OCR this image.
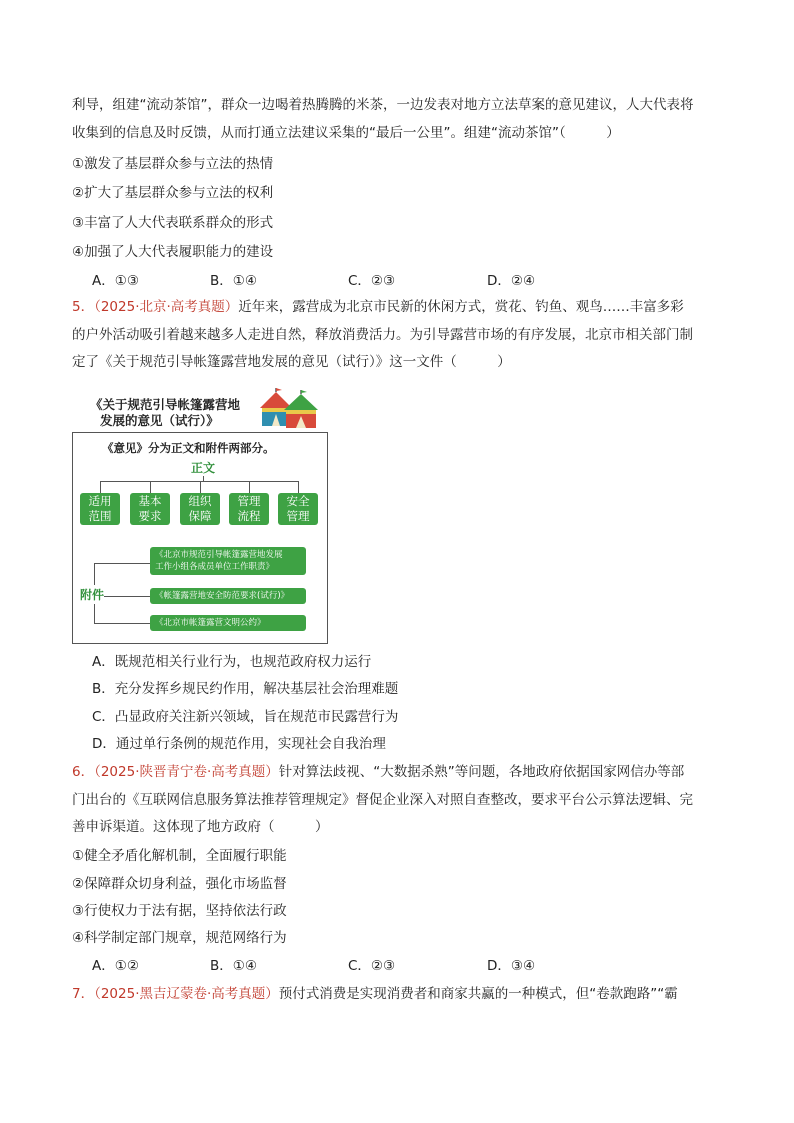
利导，组建“流动茶馆”，群众一边喝着热腾腾的米茶，一边发表对地方立法草案的意见建议，人大代表将
收集到的信息及时反馈，从而打通立法建议采集的“最后一公里”。组建“流动茶馆”（　　　）
①激发了基层群众参与立法的热情
②扩大了基层群众参与立法的权利
③丰富了人大代表联系群众的形式
④加强了人大代表履职能力的建设
A．①③	B．①④	C．②③	D．②④
5．（2025·北京·高考真题）近年来，露营成为北京市民新的休闲方式，赏花、钓鱼、观鸟……丰富多彩
的户外活动吸引着越来越多人走进自然，释放消费活力。为引导露营市场的有序发展，北京市相关部门制
定了《关于规范引导帐篷露营地发展的意见（试行）》这一文件（　　　）
《关于规范引导帐篷露营地
发展的意见（试行）》
《意见》分为正文和附件两部分。
正文
适用
范围
基本
要求
组织
保障
管理
流程
安全
管理
附件
《北京市规范引导帐篷露营地发展
工作小组各成员单位工作职责》
《帐篷露营地安全防范要求(试行)》
《北京市帐篷露营文明公约》
A．既规范相关行业行为，也规范政府权力运行
B．充分发挥乡规民约作用，解决基层社会治理难题
C．凸显政府关注新兴领域，旨在规范市民露营行为
D．通过单行条例的规范作用，实现社会自我治理
6．（2025·陕晋青宁卷·高考真题）针对算法歧视、“大数据杀熟”等问题，各地政府依据国家网信办等部
门出台的《互联网信息服务算法推荐管理规定》督促企业深入对照自查整改，要求平台公示算法逻辑、完
善申诉渠道。这体现了地方政府（　　　）
①健全矛盾化解机制，全面履行职能
②保障群众切身利益，强化市场监督
③行使权力于法有据，坚持依法行政
④科学制定部门规章，规范网络行为
A．①②	B．①④	C．②③	D．③④
7．（2025·黑吉辽蒙卷·高考真题）预付式消费是实现消费者和商家共赢的一种模式，但“卷款跑路”“霸
